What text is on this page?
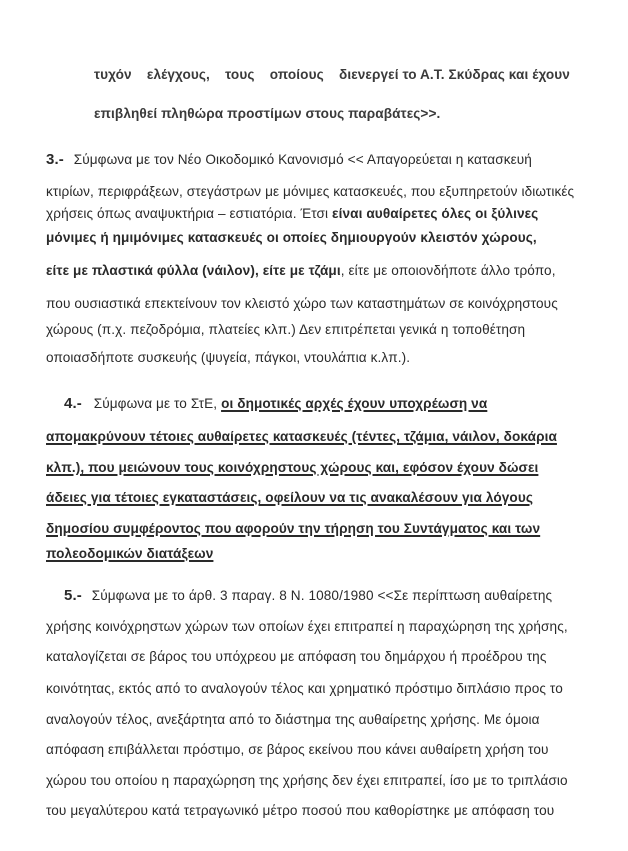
τυχόν ελέγχους, τους οποίους διενεργεί το Α.Τ. Σκύδρας και έχουν
επιβληθεί πληθώρα προστίμων στους παραβάτες>>.
3.- Σύμφωνα με τον Νέο Οικοδομικό Κανονισμό << Απαγορεύεται η κατασκευή
κτιρίων, περιφράξεων, στεγάστρων με μόνιμες κατασκευές, που εξυπηρετούν ιδιωτικές
χρήσεις όπως αναψυκτήρια – εστιατόρια. Έτσι είναι αυθαίρετες όλες οι ξύλινες
μόνιμες ή ημιμόνιμες κατασκευές οι οποίες δημιουργούν κλειστόν χώρους,
είτε με πλαστικά φύλλα (νάιλον), είτε με τζάμι, είτε με οποιονδήποτε άλλο τρόπο,
που ουσιαστικά επεκτείνουν τον κλειστό χώρο των καταστημάτων σε κοινόχρηστους
χώρους (π.χ. πεζοδρόμια, πλατείες κλπ.) Δεν επιτρέπεται γενικά η τοποθέτηση
οποιασδήποτε συσκευής (ψυγεία, πάγκοι, ντουλάπια κ.λπ.).
4.- Σύμφωνα με το ΣτΕ, οι δημοτικές αρχές έχουν υποχρέωση να
απομακρύνουν τέτοιες αυθαίρετες κατασκευές (τέντες, τζάμια, νάιλον, δοκάρια
κλπ.), που μειώνουν τους κοινόχρηστους χώρους και, εφόσον έχουν δώσει
άδειες για τέτοιες εγκαταστάσεις, οφείλουν να τις ανακαλέσουν για λόγους
δημοσίου συμφέροντος που αφορούν την τήρηση του Συντάγματος και των
πολεοδομικών διατάξεων
5.- Σύμφωνα με το άρθ. 3 παραγ. 8 Ν. 1080/1980 <<Σε περίπτωση αυθαίρετης
χρήσης κοινόχρηστων χώρων των οποίων έχει επιτραπεί η παραχώρηση της χρήσης,
καταλογίζεται σε βάρος του υπόχρεου με απόφαση του δημάρχου ή προέδρου της
κοινότητας, εκτός από το αναλογούν τέλος και χρηματικό πρόστιμο διπλάσιο προς το
αναλογούν τέλος, ανεξάρτητα από το διάστημα της αυθαίρετης χρήσης. Με όμοια
απόφαση επιβάλλεται πρόστιμο, σε βάρος εκείνου που κάνει αυθαίρετη χρήση του
χώρου του οποίου η παραχώρηση της χρήσης δεν έχει επιτραπεί, ίσο με το τριπλάσιο
του μεγαλύτερου κατά τετραγωνικό μέτρο ποσού που καθορίστηκε με απόφαση του
